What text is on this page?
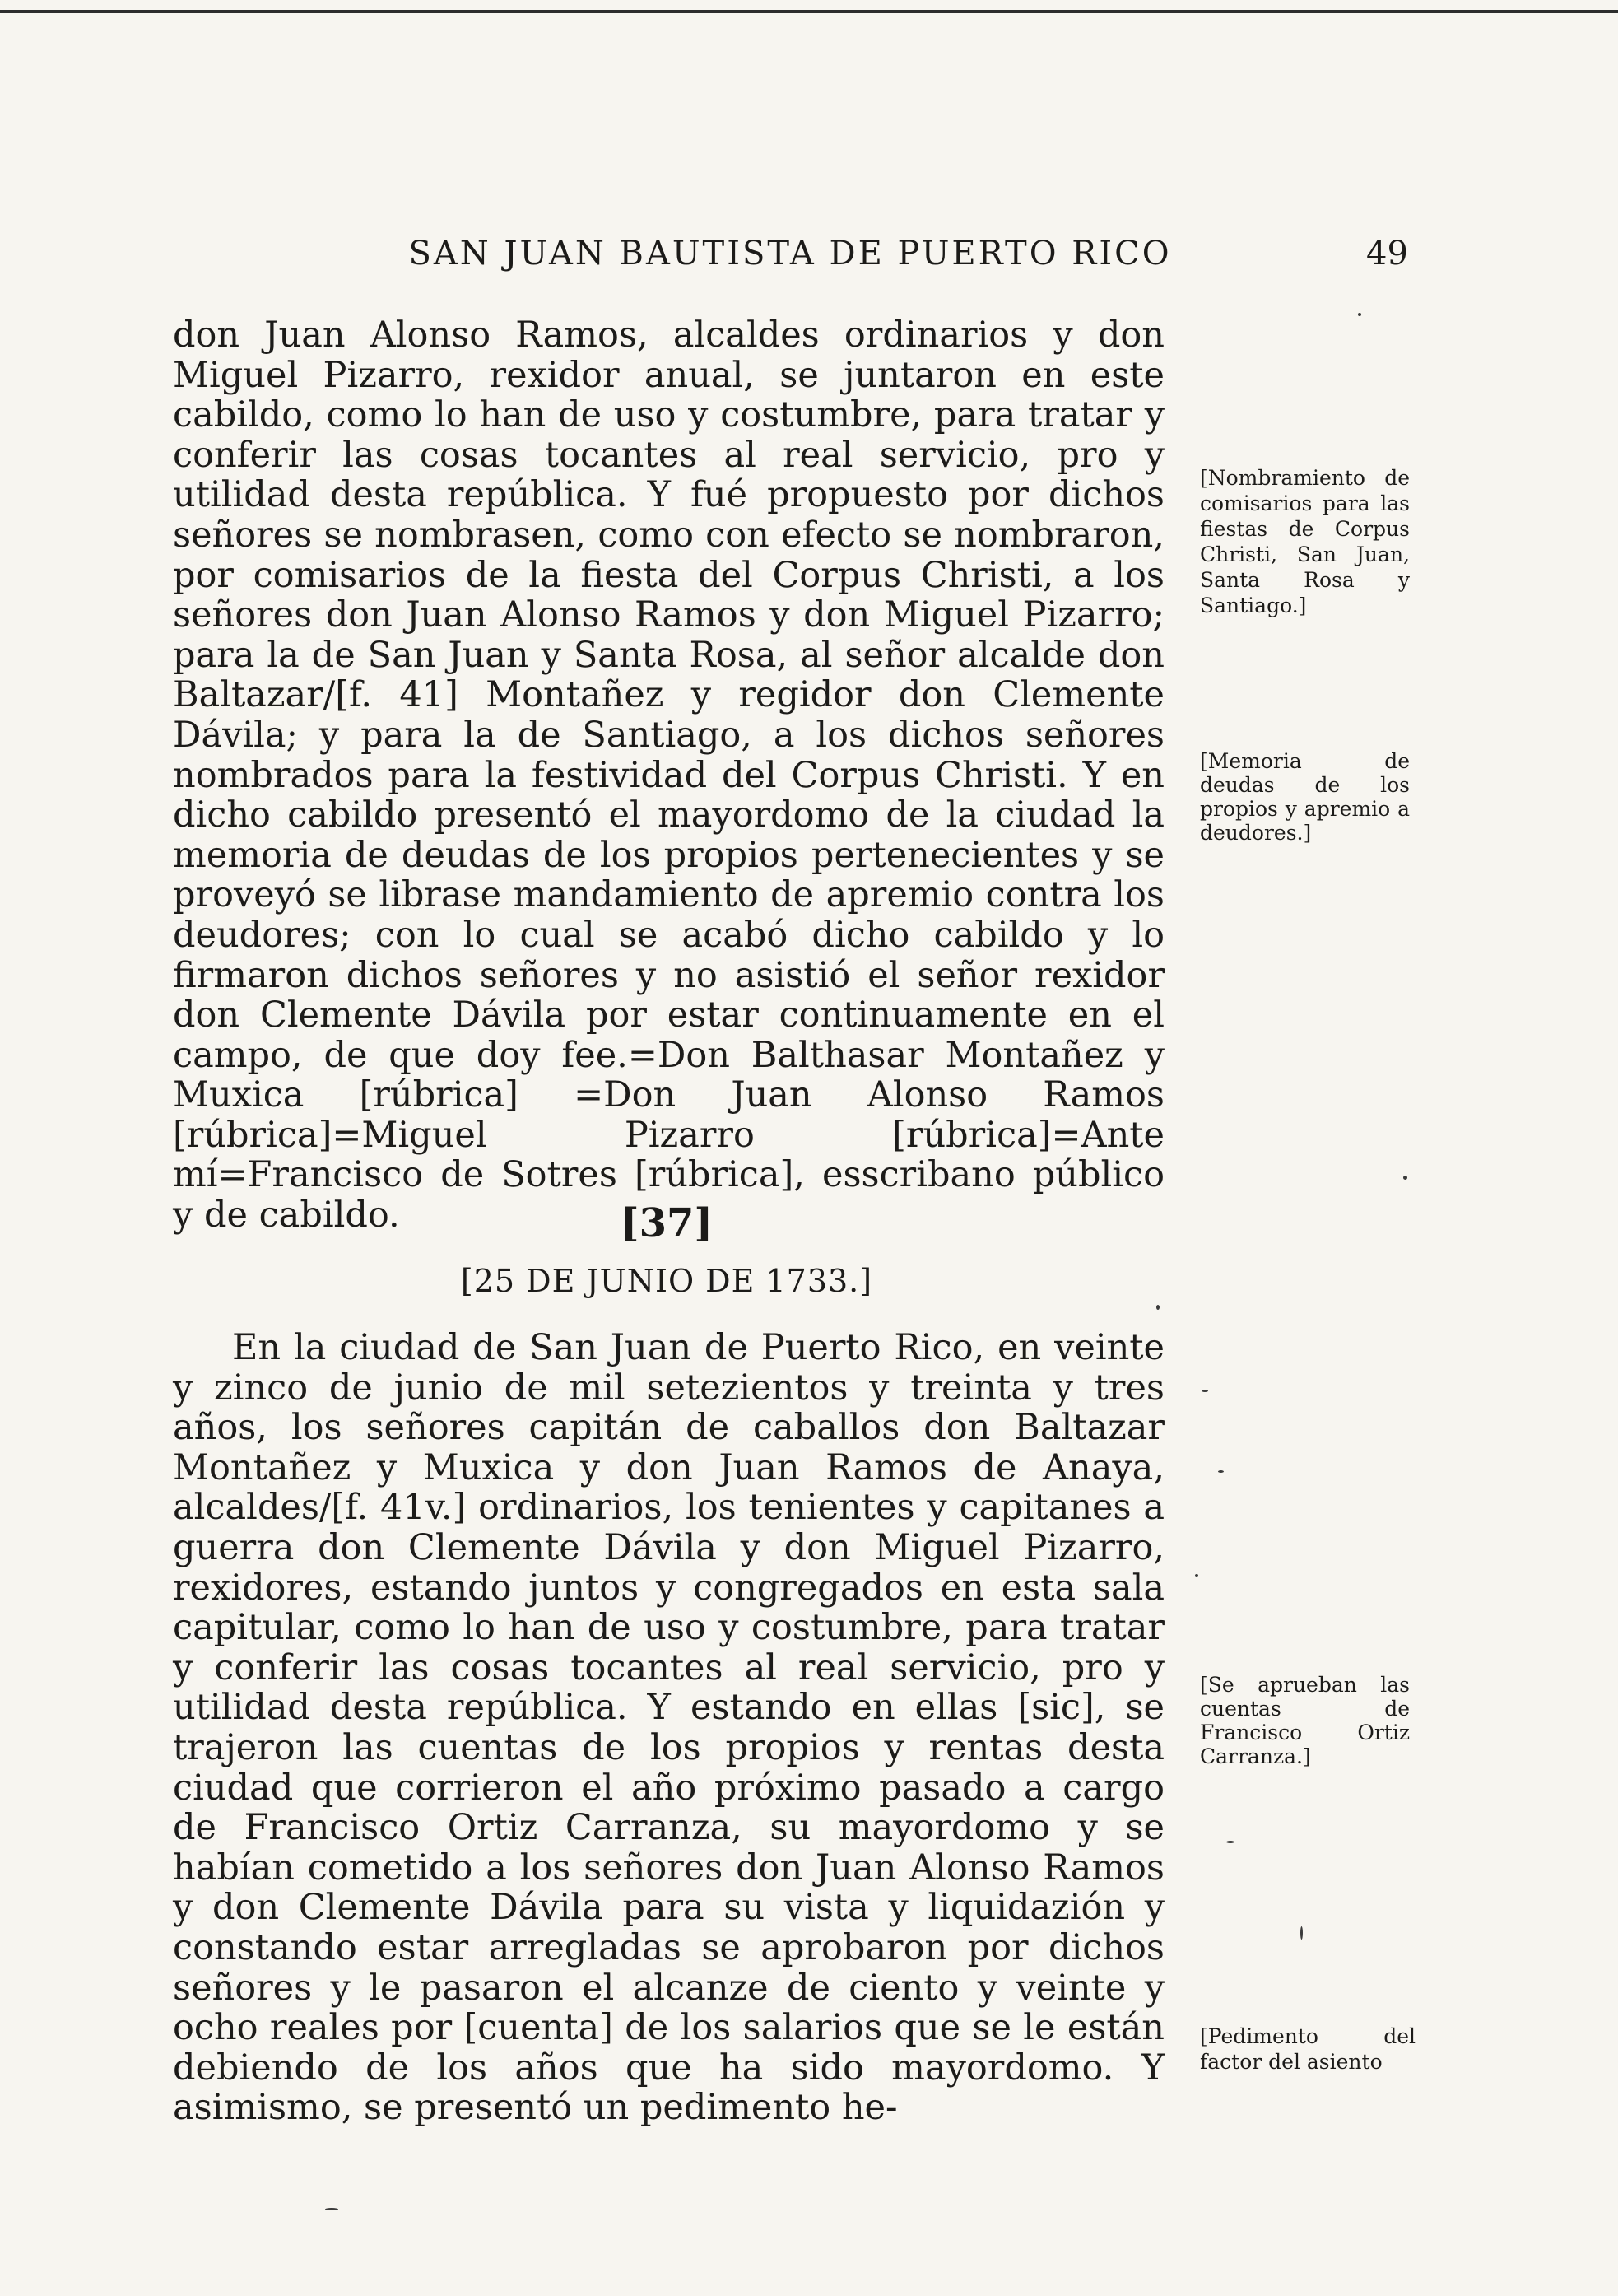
SAN JUAN BAUTISTA DE PUERTO RICO	49

don Juan Alonso Ramos, alcaldes ordinarios y don Miguel Pizarro, rexidor anual, se juntaron en este cabildo, como lo han de uso y costumbre, para tratar y conferir las cosas tocantes al real servicio, pro y utilidad desta república. Y fué propuesto por dichos señores se nombrasen, como con efecto se nombraron, por comisarios de la fiesta del Corpus Christi, a los señores don Juan Alonso Ramos y don Miguel Pizarro; para la de San Juan y Santa Rosa, al señor alcalde don Baltazar/[f. 41] Montañez y regidor don Clemente Dávila; y para la de Santiago, a los dichos señores nombrados para la festividad del Corpus Christi. Y en dicho cabildo presentó el mayordomo de la ciudad la memoria de deudas de los propios pertenecientes y se proveyó se librase mandamiento de apremio contra los deudores; con lo cual se acabó dicho cabildo y lo firmaron dichos señores y no asistió el señor rexidor don Clemente Dávila por estar continuamente en el campo, de que doy fee.=Don Balthasar Montañez y Muxica [rúbrica] =Don Juan Alonso Ramos [rúbrica]=Miguel Pizarro [rúbrica]=Ante mí=Francisco de Sotres [rúbrica], esscribano público y de cabildo.	[37]
[25 DE JUNIO DE 1733.]

En la ciudad de San Juan de Puerto Rico, en veinte y zinco de junio de mil setezientos y treinta y tres años, los señores capitán de caballos don Baltazar Montañez y Muxica y don Juan Ramos de Anaya, alcaldes/[f. 41v.] ordinarios, los tenientes y capitanes a guerra don Clemente Dávila y don Miguel Pizarro, rexidores, estando juntos y congregados en esta sala capitular, como lo han de uso y costumbre, para tratar y conferir las cosas tocantes al real servicio, pro y utilidad desta república. Y estando en ellas [sic], se trajeron las cuentas de los propios y rentas desta ciudad que corrieron el año próximo pasado a cargo de Francisco Ortiz Carranza, su mayordomo y se habían cometido a los señores don Juan Alonso Ramos y don Clemente Dávila para su vista y liquidazión y constando estar arregladas se aprobaron por dichos señores y le pasaron el alcanze de ciento y veinte y ocho reales por [cuenta] de los salarios que se le están debiendo de los años que ha sido mayordomo. Y asimismo, se presentó un pedimento he-

[Nombramiento de comisarios para las fiestas de Corpus Christi, San Juan, Santa Rosa y Santiago.]
[Memoria de deudas de los propios y apremio a deudores.]
[Se aprueban las cuentas de Francisco Ortiz Carranza.]
[Pedimento del factor del asiento
